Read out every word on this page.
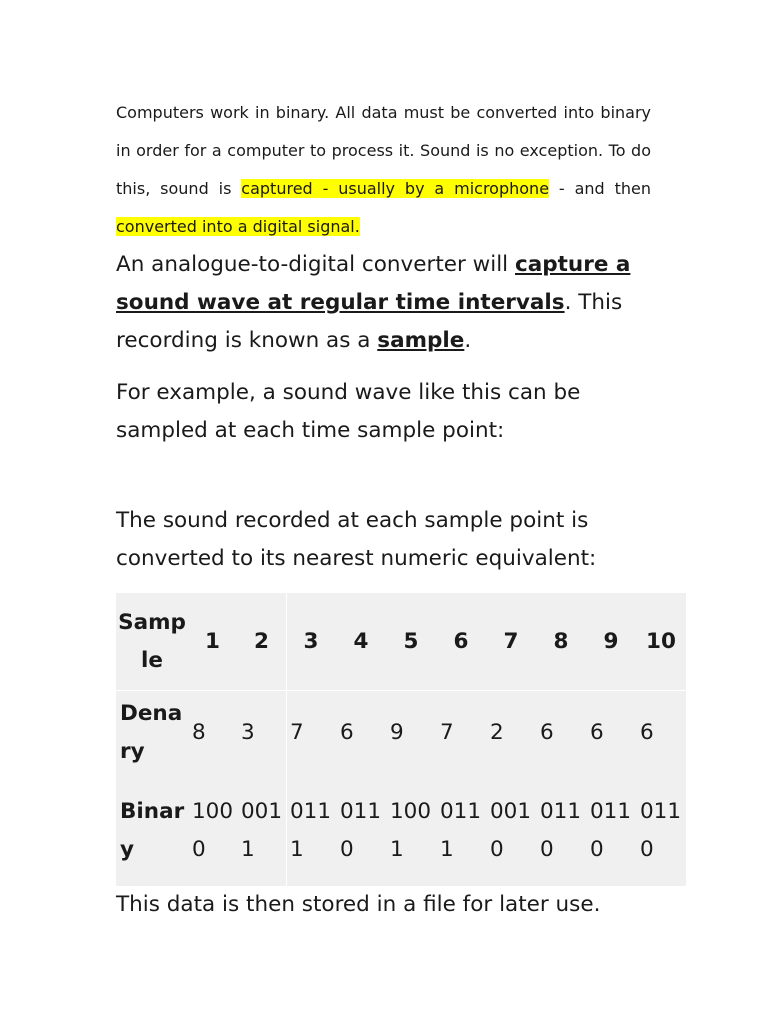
Computers work in binary. All data must be converted into binary in order for a computer to process it. Sound is no exception. To do this, sound is captured - usually by a microphone - and then converted into a digital signal.

An analogue-to-digital converter will capture a sound wave at regular time intervals. This recording is known as a sample.

For example, a sound wave like this can be sampled at each time sample point:

The sound recorded at each sample point is converted to its nearest numeric equivalent:

Sample	1	2	3	4	5	6	7	8	9	10
Denary	8	3	7	6	9	7	2	6	6	6
Binary	1000	0011	0111	0110	1001	0111	0010	0110	0110	0110

This data is then stored in a file for later use.
